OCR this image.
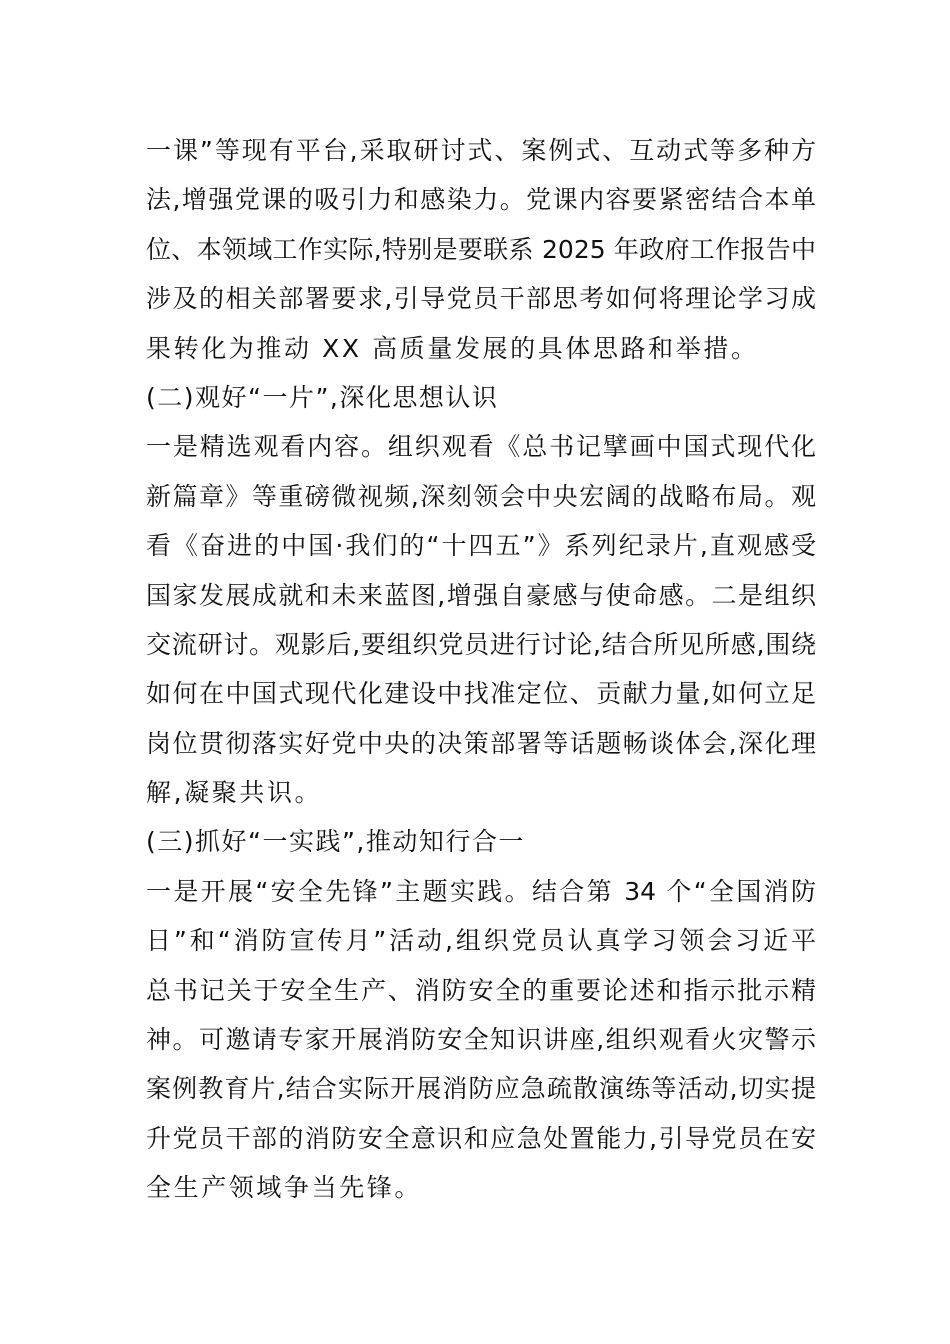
一课”等现有平台,采取研讨式、案例式、互动式等多种方
法,增强党课的吸引力和感染力。党课内容要紧密结合本单
位、本领域工作实际,特别是要联系 2025 年政府工作报告中
涉及的相关部署要求,引导党员干部思考如何将理论学习成
果转化为推动 XX 高质量发展的具体思路和举措。
(二)观好“一片”,深化思想认识
一是精选观看内容。组织观看《总书记擘画中国式现代化
新篇章》等重磅微视频,深刻领会中央宏阔的战略布局。观
看《奋进的中国·我们的“十四五”》系列纪录片,直观感受
国家发展成就和未来蓝图,增强自豪感与使命感。二是组织
交流研讨。观影后,要组织党员进行讨论,结合所见所感,围绕
如何在中国式现代化建设中找准定位、贡献力量,如何立足
岗位贯彻落实好党中央的决策部署等话题畅谈体会,深化理
解,凝聚共识。
(三)抓好“一实践”,推动知行合一
一是开展“安全先锋”主题实践。结合第 34 个“全国消防
日”和“消防宣传月”活动,组织党员认真学习领会习近平
总书记关于安全生产、消防安全的重要论述和指示批示精
神。可邀请专家开展消防安全知识讲座,组织观看火灾警示
案例教育片,结合实际开展消防应急疏散演练等活动,切实提
升党员干部的消防安全意识和应急处置能力,引导党员在安
全生产领域争当先锋。
